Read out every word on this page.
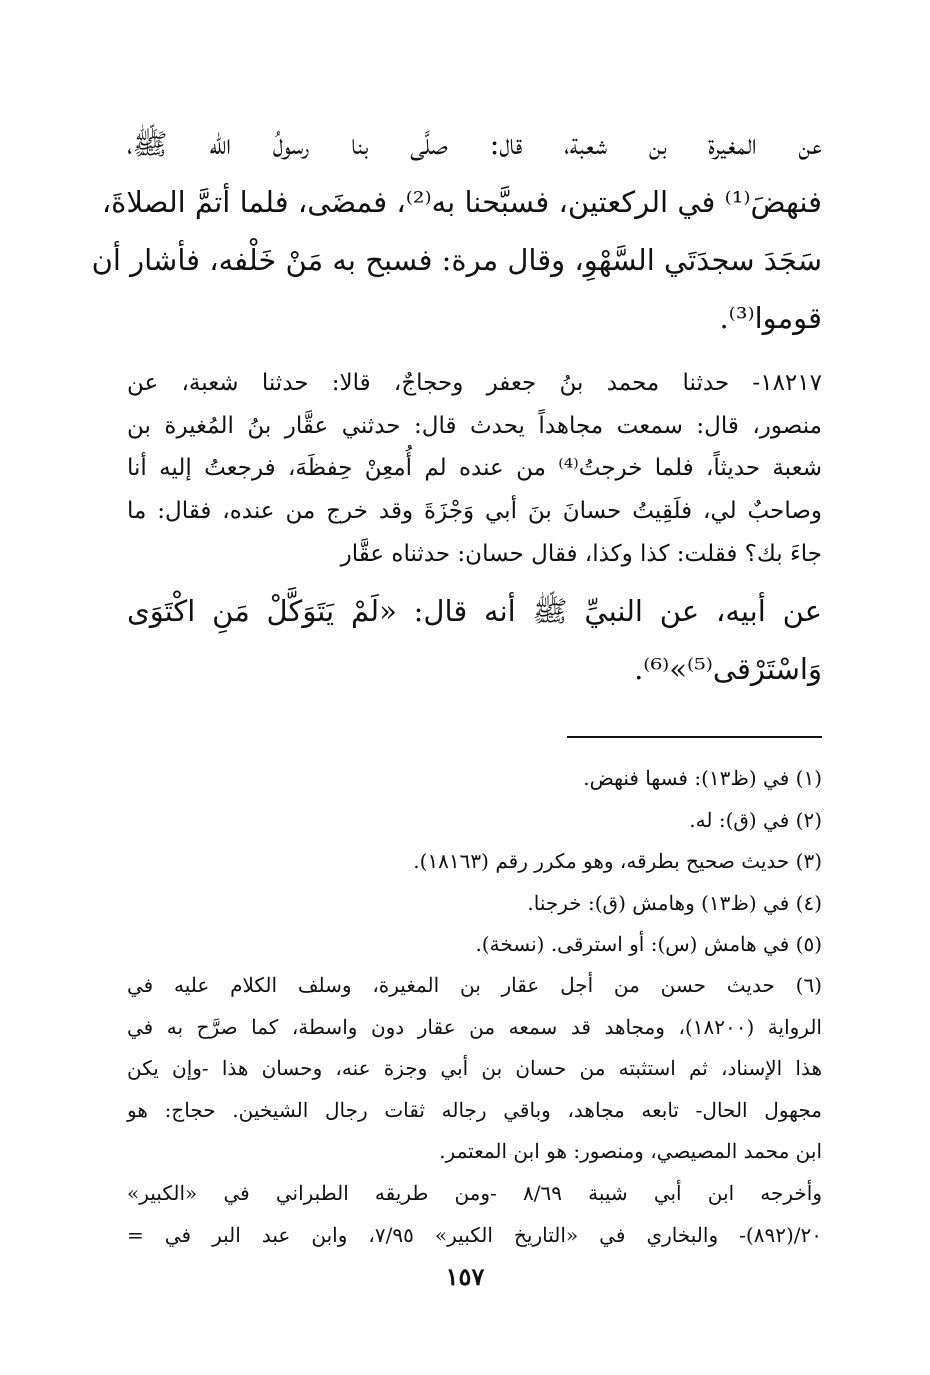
عن المغيرة بن شعبة، قال: صلَّى بنا رسولُ الله ﷺ،
فنهضَ⁽¹⁾ في الركعتين، فسبَّحنا به⁽²⁾، فمضَى، فلما أتمَّ الصلاةَ،
سَجَدَ سجدَتَي السَّهْوِ، وقال مرة: فسبح به مَنْ خَلْفه، فأشار أن
قوموا⁽³⁾.
١٨٢١٧- حدثنا محمد بنُ جعفر وحجاجٌ، قالا: حدثنا شعبة، عن
منصور، قال: سمعت مجاهداً يحدث قال: حدثني عقَّار بنُ المُغيرة بن
شعبة حديثاً، فلما خرجتُ⁽⁴⁾ من عنده لم أُمعِنْ حِفظَهَ، فرجعتُ إليه أنا
وصاحبٌ لي، فلَقِيتُ حسانَ بنَ أبي وَجْزَةَ وقد خرج من عنده، فقال: ما
جاءَ بك؟ فقلت: كذا وكذا، فقال حسان: حدثناه عقَّار
عن أبيه، عن النبيِّ ﷺ أنه قال: «لَمْ يَتَوَكَّلْ مَنِ اكْتَوَى
وَاسْتَرْقى⁽⁵⁾»⁽⁶⁾.
(١) في (ظ١٣): فسها فنهض.
(٢) في (ق): له.
(٣) حديث صحيح بطرقه، وهو مكرر رقم (١٨١٦٣).
(٤) في (ظ١٣) وهامش (ق): خرجنا.
(٥) في هامش (س): أو استرقى. (نسخة).
(٦) حديث حسن من أجل عقار بن المغيرة، وسلف الكلام عليه في
الرواية (١٨٢٠٠)، ومجاهد قد سمعه من عقار دون واسطة، كما صرَّح به في
هذا الإسناد، ثم استثبته من حسان بن أبي وجزة عنه، وحسان هذا -وإن يكن
مجهول الحال- تابعه مجاهد، وباقي رجاله ثقات رجال الشيخين. حجاج: هو
ابن محمد المصيصي، ومنصور: هو ابن المعتمر.
وأخرجه ابن أبي شيبة ٨/٦٩ -ومن طريقه الطبراني في «الكبير»
٢٠/(٨٩٢)- والبخاري في «التاريخ الكبير» ٧/٩٥، وابن عبد البر في =
١٥٧
